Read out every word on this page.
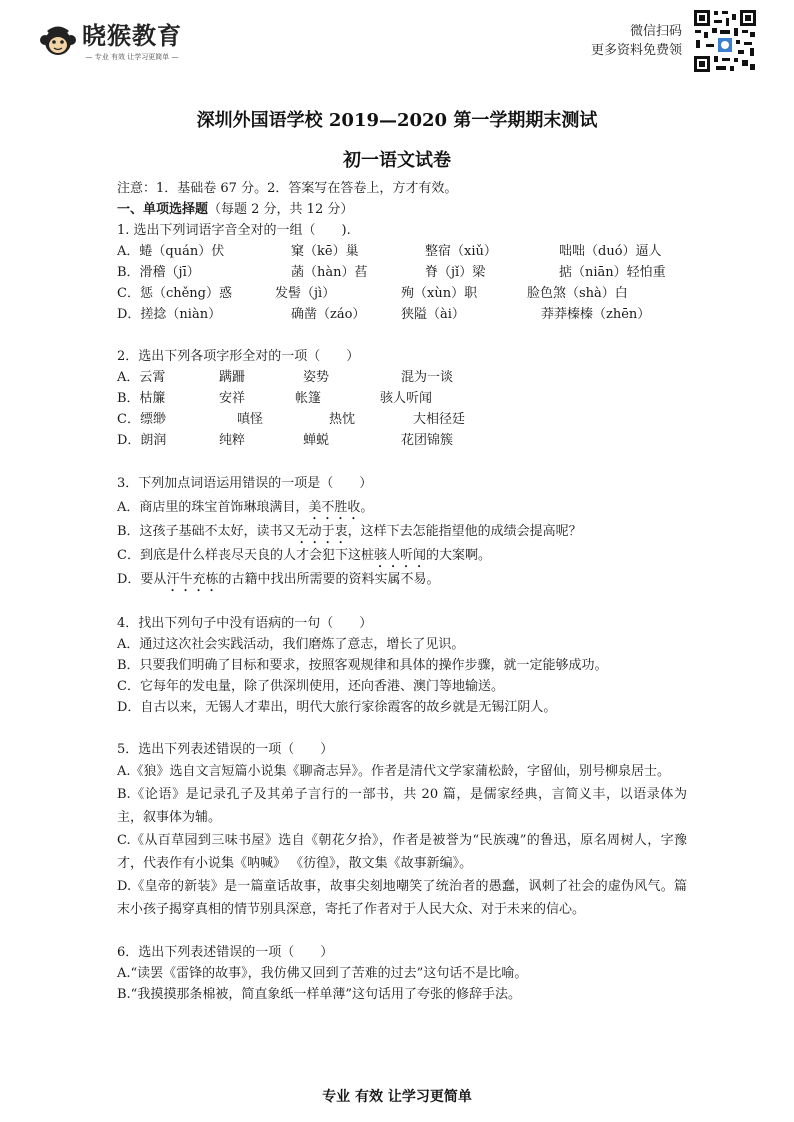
晓猴教育
— 专业 有效 让学习更简单 —
微信扫码
更多资料免费领
深圳外国语学校 2019—2020 第一学期期末测试
初一语文试卷
注意：1．基础卷 67 分。2．答案写在答卷上，方才有效。
一、单项选择题（每题 2 分，共 12 分）
1. 选出下列词语字音全对的一组（　　).
A．蜷（quán）伏	窠（kē）巢	整宿（xiǔ）	咄咄（duó）逼人
B．滑稽（jī）	菡（hàn）萏	脊（jǐ）梁	掂（niān）轻怕重
C．惩（chěng）惑	发髻（jì）	殉（xùn）职	脸色煞（shà）白
D．搓捻（niàn）	确凿（záo）	狭隘（ài）	莽莽榛榛（zhēn）
2．选出下列各项字形全对的一项（　　）
A．云霄	蹒跚	姿势	混为一谈
B．枯簾	安祥	帐篷	骇人听闻
C．缥缈	嗔怪	热忱	大相径廷
D．朗润	纯粹	蝉蜕	花团锦簇
3．下列加点词语运用错误的一项是（　　）
A．商店里的珠宝首饰琳琅满目，美不胜收。
B．这孩子基础不太好，读书又无动于衷，这样下去怎能指望他的成绩会提高呢？
C．到底是什么样丧尽天良的人才会犯下这桩骇人听闻的大案啊。
D．要从汗牛充栋的古籍中找出所需要的资料实属不易。
4．找出下列句子中没有语病的一句（　　）
A．通过这次社会实践活动，我们磨炼了意志，增长了见识。
B．只要我们明确了目标和要求，按照客观规律和具体的操作步骤，就一定能够成功。
C．它每年的发电量，除了供深圳使用，还向香港、澳门等地输送。
D．自古以来，无锡人才辈出，明代大旅行家徐霞客的故乡就是无锡江阴人。
5．选出下列表述错误的一项（　　）
A.《狼》选自文言短篇小说集《聊斋志异》。作者是清代文学家蒲松龄，字留仙，别号柳泉居士。
B.《论语》是记录孔子及其弟子言行的一部书，共 20 篇，是儒家经典，言简义丰，以语录体为主，叙事体为辅。
C.《从百草园到三味书屋》选自《朝花夕拾》，作者是被誉为“民族魂”的鲁迅，原名周树人，字豫才，代表作有小说集《呐喊》 《彷徨》，散文集《故事新编》。
D.《皇帝的新装》是一篇童话故事，故事尖刻地嘲笑了统治者的愚蠢，讽刺了社会的虚伪风气。篇末小孩子揭穿真相的情节别具深意，寄托了作者对于人民大众、对于未来的信心。
6．选出下列表述错误的一项（　　）
A.“读罢《雷锋的故事》，我仿佛又回到了苦难的过去”这句话不是比喻。
B.“我摸摸那条棉被，简直象纸一样单薄”这句话用了夸张的修辞手法。
专业 有效 让学习更简单
